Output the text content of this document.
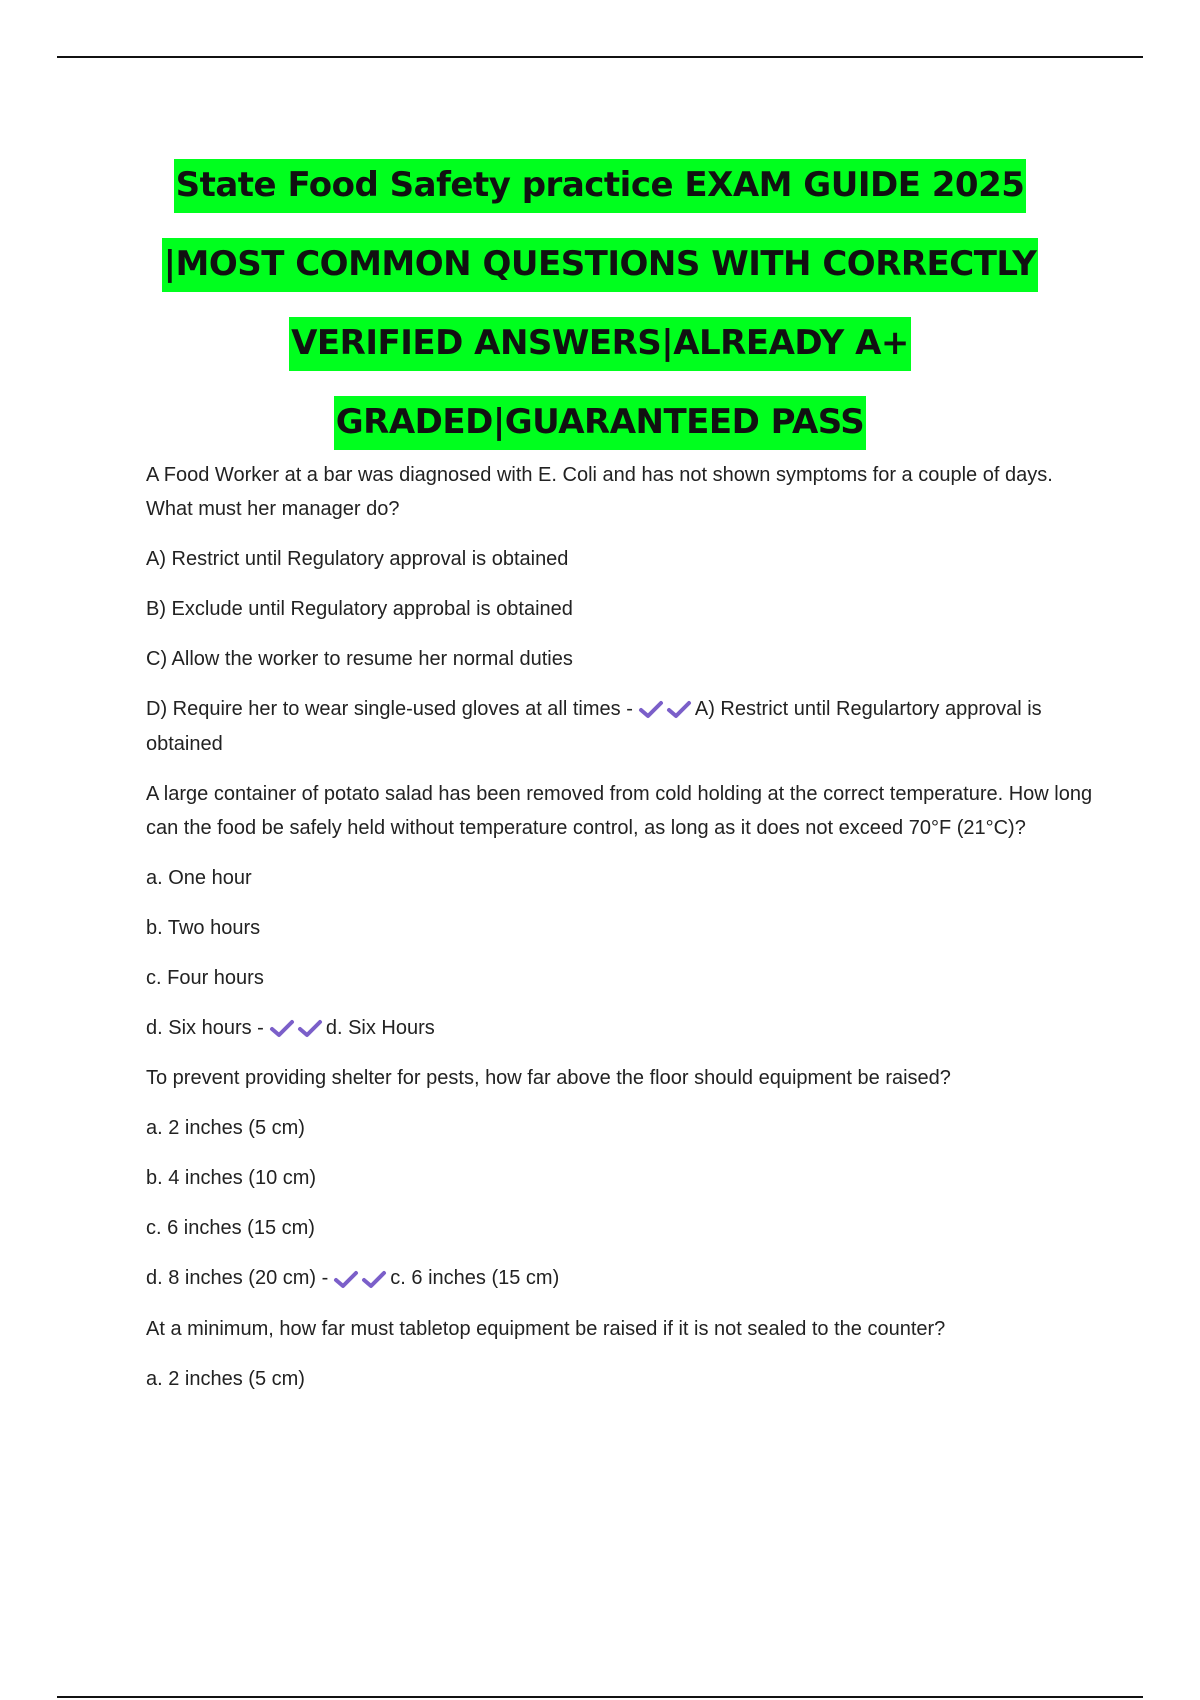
State Food Safety practice EXAM GUIDE 2025
|MOST COMMON QUESTIONS WITH CORRECTLY
VERIFIED ANSWERS|ALREADY A+
GRADED|GUARANTEED PASS

A Food Worker at a bar was diagnosed with E. Coli and has not shown symptoms for a couple of days. What must her manager do?

A) Restrict until Regulatory approval is obtained

B) Exclude until Regulatory approbal is obtained

C) Allow the worker to resume her normal duties

D) Require her to wear single-used gloves at all times -	A) Restrict until Regulartory approval is obtained

A large container of potato salad has been removed from cold holding at the correct temperature. How long can the food be safely held without temperature control, as long as it does not exceed 70°F (21°C)?

a. One hour

b. Two hours

c. Four hours

d. Six hours -	d. Six Hours

To prevent providing shelter for pests, how far above the floor should equipment be raised?

a. 2 inches (5 cm)

b. 4 inches (10 cm)

c. 6 inches (15 cm)

d. 8 inches (20 cm) -	c. 6 inches (15 cm)

At a minimum, how far must tabletop equipment be raised if it is not sealed to the counter?

a. 2 inches (5 cm)
